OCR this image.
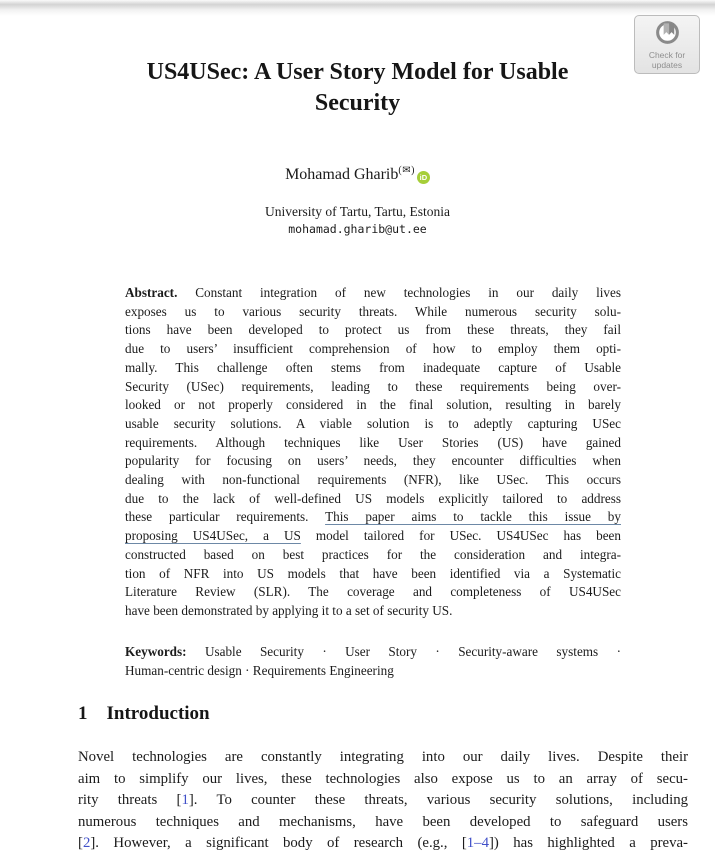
Check for
updates
US4USec: A User Story Model for Usable
Security
Mohamad Gharib(✉)iD
University of Tartu, Tartu, Estonia
mohamad.gharib@ut.ee
Abstract. Constant integration of new technologies in our daily lives
exposes us to various security threats. While numerous security solu-
tions have been developed to protect us from these threats, they fail
due to users’ insufficient comprehension of how to employ them opti-
mally. This challenge often stems from inadequate capture of Usable
Security (USec) requirements, leading to these requirements being over-
looked or not properly considered in the final solution, resulting in barely
usable security solutions. A viable solution is to adeptly capturing USec
requirements. Although techniques like User Stories (US) have gained
popularity for focusing on users’ needs, they encounter difficulties when
dealing with non-functional requirements (NFR), like USec. This occurs
due to the lack of well-defined US models explicitly tailored to address
these particular requirements. This paper aims to tackle this issue by
proposing US4USec, a US model tailored for USec. US4USec has been
constructed based on best practices for the consideration and integra-
tion of NFR into US models that have been identified via a Systematic
Literature Review (SLR). The coverage and completeness of US4USec
have been demonstrated by applying it to a set of security US.
Keywords: Usable Security · User Story · Security-aware systems ·
Human-centric design · Requirements Engineering
1 Introduction
Novel technologies are constantly integrating into our daily lives. Despite their
aim to simplify our lives, these technologies also expose us to an array of secu-
rity threats [1]. To counter these threats, various security solutions, including
numerous techniques and mechanisms, have been developed to safeguard users
[2]. However, a significant body of research (e.g., [1–4]) has highlighted a preva-
